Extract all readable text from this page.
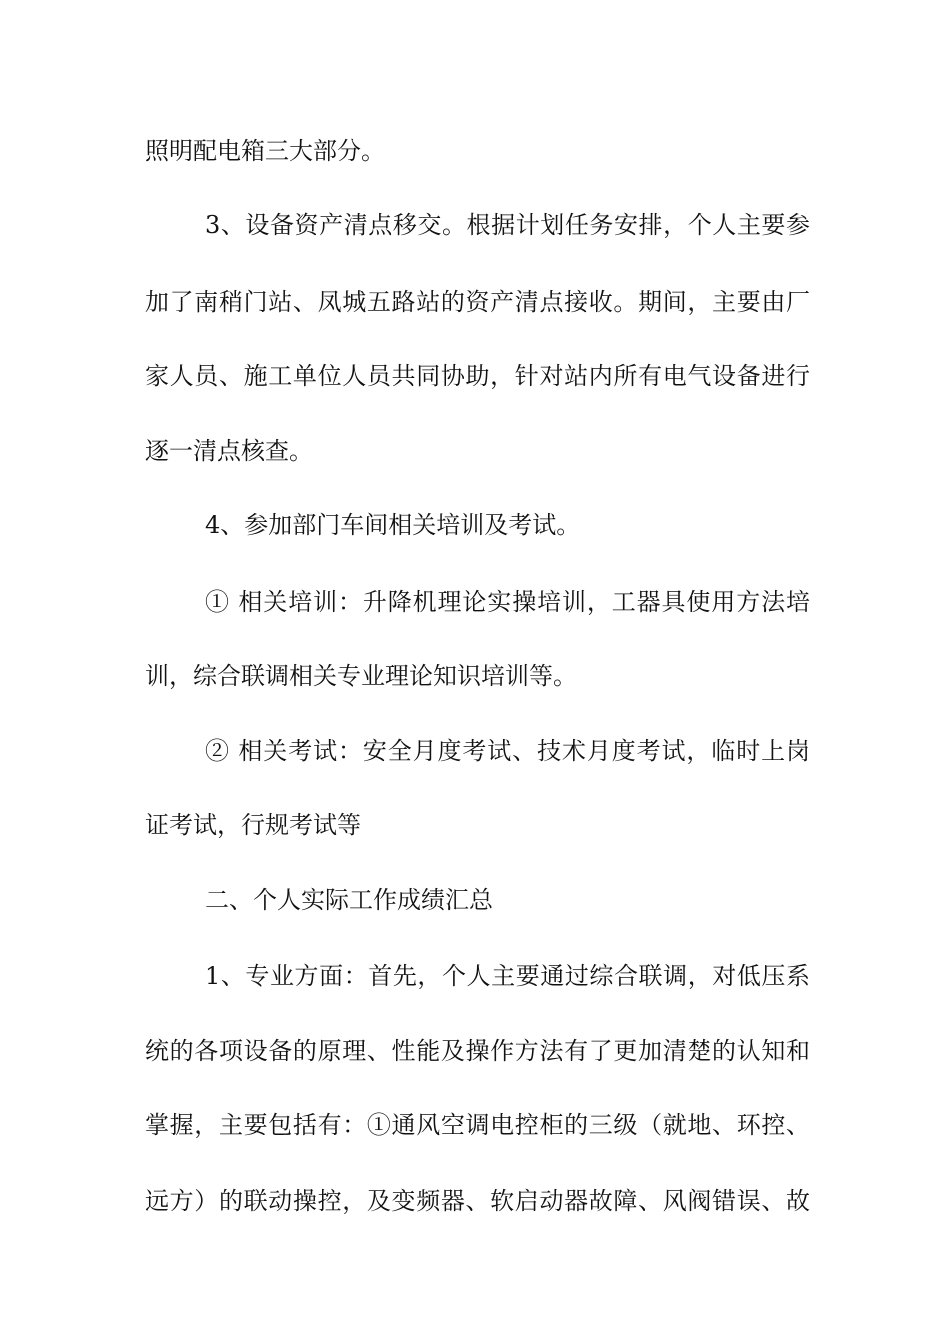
照明配电箱三大部分。
3、设备资产清点移交。根据计划任务安排，个人主要参
加了南稍门站、凤城五路站的资产清点接收。期间，主要由厂
家人员、施工单位人员共同协助，针对站内所有电气设备进行
逐一清点核查。
4、参加部门车间相关培训及考试。
① 相关培训：升降机理论实操培训，工器具使用方法培
训，综合联调相关专业理论知识培训等。
② 相关考试：安全月度考试、技术月度考试，临时上岗
证考试，行规考试等
二、个人实际工作成绩汇总
1、专业方面：首先，个人主要通过综合联调，对低压系
统的各项设备的原理、性能及操作方法有了更加清楚的认知和
掌握，主要包括有：①通风空调电控柜的三级（就地、环控、
远方）的联动操控，及变频器、软启动器故障、风阀错误、故
